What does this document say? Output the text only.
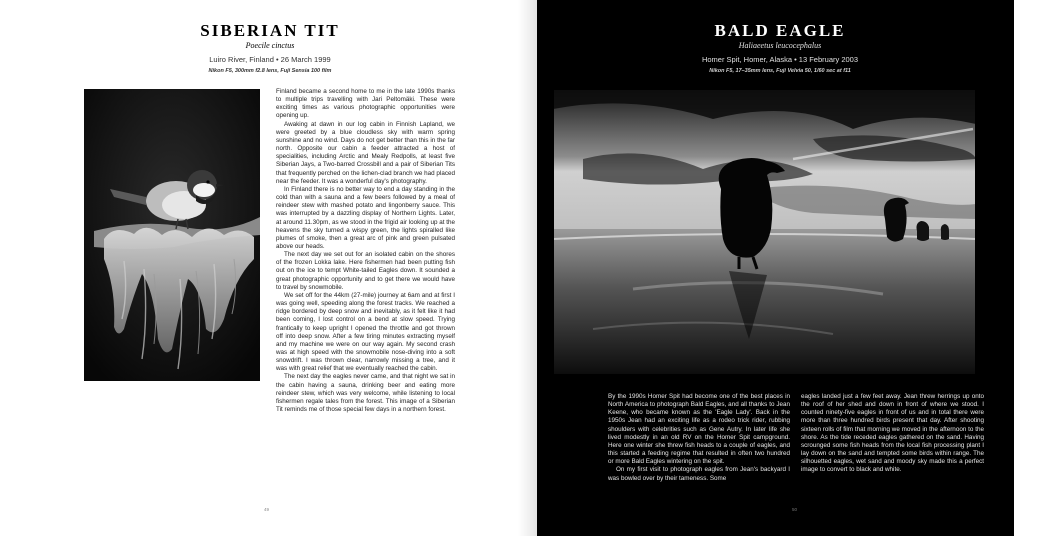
SIBERIAN TIT
Poecile cinctus
Luiro River, Finland • 26 March 1999
Nikon F5, 300mm f2.8 lens, Fuji Sensia 100 film

Finland became a second home to me in the late 1990s thanks to multiple trips travelling with Jari Peltomäki. These were exciting times as various photographic opportunities were opening up.

Awaking at dawn in our log cabin in Finnish Lapland, we were greeted by a blue cloudless sky with warm spring sunshine and no wind. Days do not get better than this in the far north. Opposite our cabin a feeder attracted a host of specialities, including Arctic and Mealy Redpolls, at least five Siberian Jays, a Two-barred Crossbill and a pair of Siberian Tits that frequently perched on the lichen-clad branch we had placed near the feeder. It was a wonderful day's photography.

In Finland there is no better way to end a day standing in the cold than with a sauna and a few beers followed by a meal of reindeer stew with mashed potato and lingonberry sauce. This was interrupted by a dazzling display of Northern Lights. Later, at around 11.30pm, as we stood in the frigid air looking up at the heavens the sky turned a wispy green, the lights spiralled like plumes of smoke, then a great arc of pink and green pulsated above our heads.

The next day we set out for an isolated cabin on the shores of the frozen Lokka lake. Here fishermen had been putting fish out on the ice to tempt White-tailed Eagles down. It sounded a great photographic opportunity and to get there we would have to travel by snowmobile.

We set off for the 44km (27-mile) journey at 6am and at first I was going well, speeding along the forest tracks. We reached a ridge bordered by deep snow and inevitably, as it felt like it had been coming, I lost control on a bend at slow speed. Trying frantically to keep upright I opened the throttle and got thrown off into deep snow. After a few tiring minutes extracting myself and my machine we were on our way again. My second crash was at high speed with the snowmobile nose-diving into a soft snowdrift. I was thrown clear, narrowly missing a tree, and it was with great relief that we eventually reached the cabin.

The next day the eagles never came, and that night we sat in the cabin having a sauna, drinking beer and eating more reindeer stew, which was very welcome, while listening to local fishermen regale tales from the forest. This image of a Siberian Tit reminds me of those special few days in a northern forest.

49
BALD EAGLE
Haliaeetus leucocephalus
Homer Spit, Homer, Alaska • 13 February 2003
Nikon F5, 17–35mm lens, Fuji Velvia 50, 1/60 sec at f11

By the 1990s Homer Spit had become one of the best places in North America to photograph Bald Eagles, and all thanks to Jean Keene, who became known as the 'Eagle Lady'. Back in the 1950s Jean had an exciting life as a rodeo trick rider, rubbing shoulders with celebrities such as Gene Autry. In later life she lived modestly in an old RV on the Homer Spit campground. Here one winter she threw fish heads to a couple of eagles, and this started a feeding regime that resulted in often two hundred or more Bald Eagles wintering on the spit.

On my first visit to photograph eagles from Jean's backyard I was bowled over by their tameness. Some

eagles landed just a few feet away. Jean threw herrings up onto the roof of her shed and down in front of where we stood. I counted ninety-five eagles in front of us and in total there were more than three hundred birds present that day. After shooting sixteen rolls of film that morning we moved in the afternoon to the shore. As the tide receded eagles gathered on the sand. Having scrounged some fish heads from the local fish processing plant I lay down on the sand and tempted some birds within range. The silhouetted eagles, wet sand and moody sky made this a perfect image to convert to black and white.

50
